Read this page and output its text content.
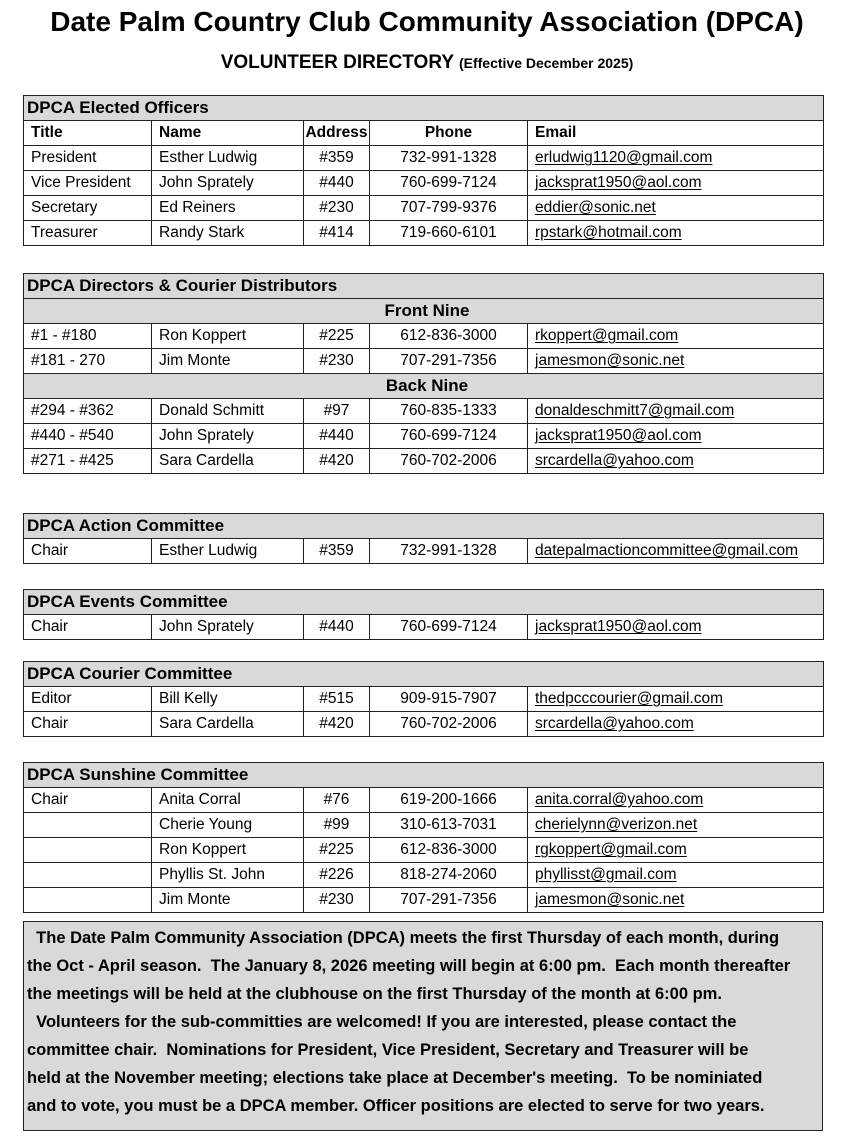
Date Palm Country Club Community Association (DPCA)
VOLUNTEER DIRECTORY (Effective December 2025)
DPCA Elected Officers				
Title	Name	Address	Phone	Email
President	Esther Ludwig	#359	732-991-1328	erludwig1120@gmail.com
Vice President	John Sprately	#440	760-699-7124	jacksprat1950@aol.com
Secretary	Ed Reiners	#230	707-799-9376	eddier@sonic.net
Treasurer	Randy Stark	#414	719-660-6101	rpstark@hotmail.com
DPCA Directors & Courier Distributors				
Front Nine				
#1 - #180	Ron Koppert	#225	612-836-3000	rkoppert@gmail.com
#181 - 270	Jim Monte	#230	707-291-7356	jamesmon@sonic.net
Back Nine				
#294 - #362	Donald Schmitt	#97	760-835-1333	donaldeschmitt7@gmail.com
#440 - #540	John Sprately	#440	760-699-7124	jacksprat1950@aol.com
#271 - #425	Sara Cardella	#420	760-702-2006	srcardella@yahoo.com
DPCA Action Committee
Chair	Esther Ludwig	#359	732-991-1328	datepalmactioncommittee@gmail.com
DPCA Events Committee
Chair	John Sprately	#440	760-699-7124	jacksprat1950@aol.com
DPCA Courier Committee				
Editor	Bill Kelly	#515	909-915-7907	thedpcccourier@gmail.com
Chair	Sara Cardella	#420	760-702-2006	srcardella@yahoo.com
DPCA Sunshine Committee				
Chair	Anita Corral	#76	619-200-1666	anita.corral@yahoo.com
	Cherie Young	#99	310-613-7031	cherielynn@verizon.net
	Ron Koppert	#225	612-836-3000	rgkoppert@gmail.com
	Phyllis St. John	#226	818-274-2060	phyllisst@gmail.com
	Jim Monte	#230	707-291-7356	jamesmon@sonic.net

The Date Palm Community Association (DPCA) meets the first Thursday of each month, during

the Oct - April season.  The January 8, 2026 meeting will begin at 6:00 pm.  Each month thereafter

the meetings will be held at the clubhouse on the first Thursday of the month at 6:00 pm.

Volunteers for the sub-committies are welcomed! If you are interested, please contact the

committee chair.  Nominations for President, Vice President, Secretary and Treasurer will be

held at the November meeting; elections take place at December's meeting.  To be nominiated

and to vote, you must be a DPCA member. Officer positions are elected to serve for two years.
